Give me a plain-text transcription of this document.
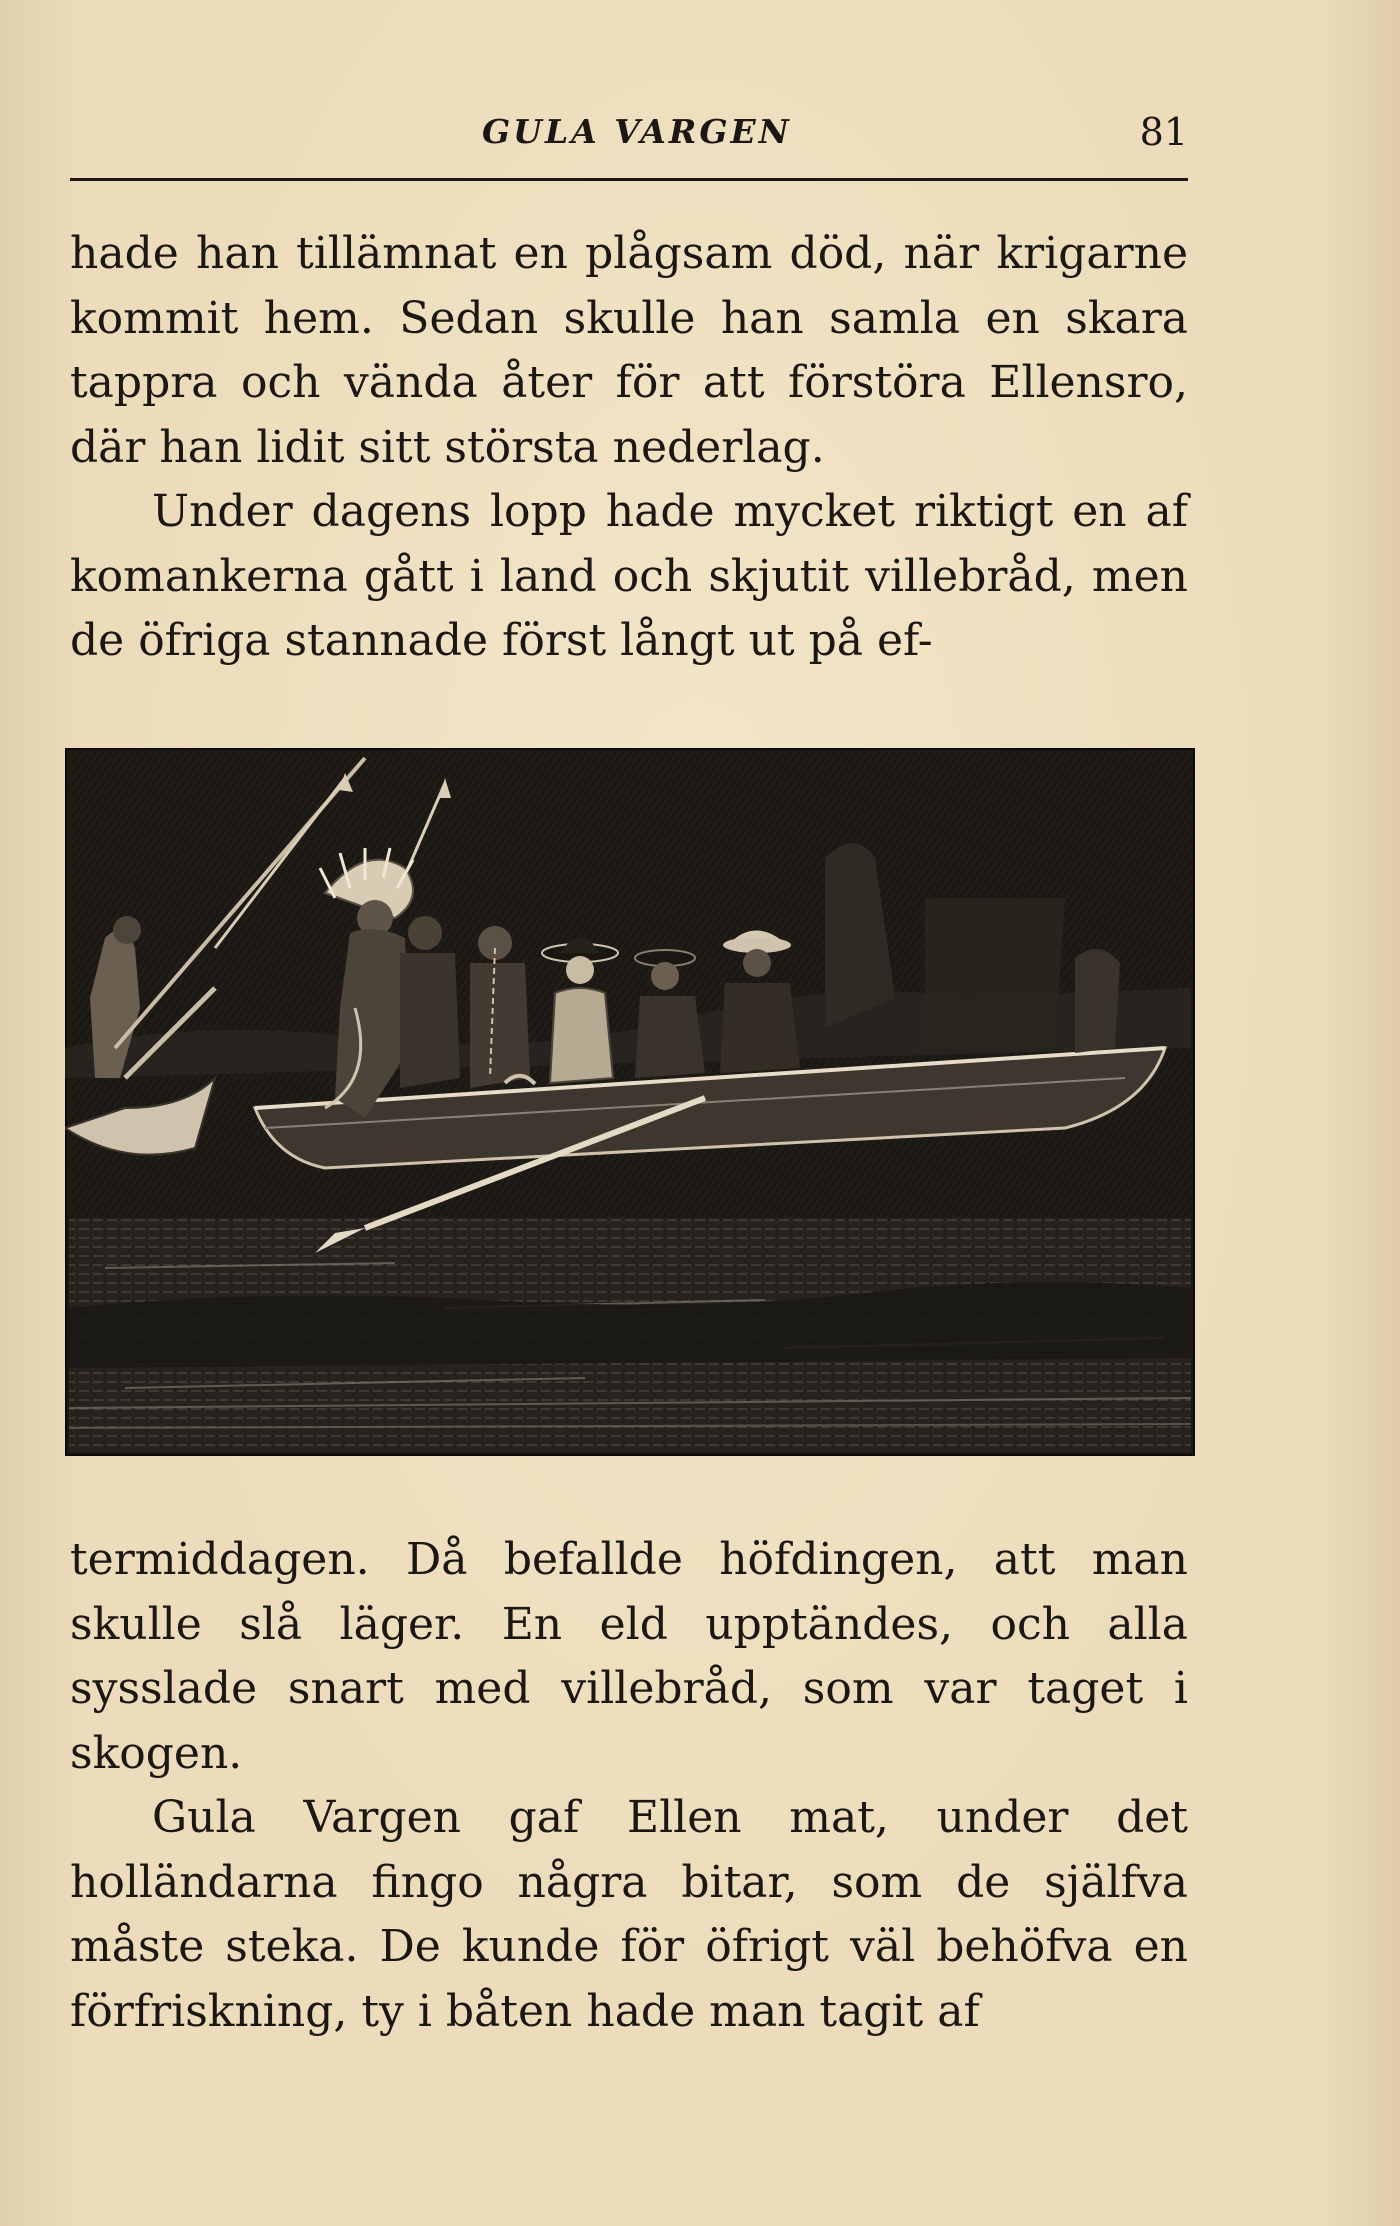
GULA VARGEN	81

hade han tillämnat en plågsam död, när krigarne kommit hem. Sedan skulle han samla en skara tappra och vända åter för att förstöra Ellensro, där han lidit sitt största nederlag.

Under dagens lopp hade mycket riktigt en af komankerna gått i land och skjutit villebråd, men de öfriga stannade först långt ut på ef-

termiddagen. Då befallde höfdingen, att man skulle slå läger. En eld upptändes, och alla sysslade snart med villebråd, som var taget i skogen.

Gula Vargen gaf Ellen mat, under det holländarna fingo några bitar, som de själfva måste steka. De kunde för öfrigt väl behöfva en förfriskning, ty i båten hade man tagit af
